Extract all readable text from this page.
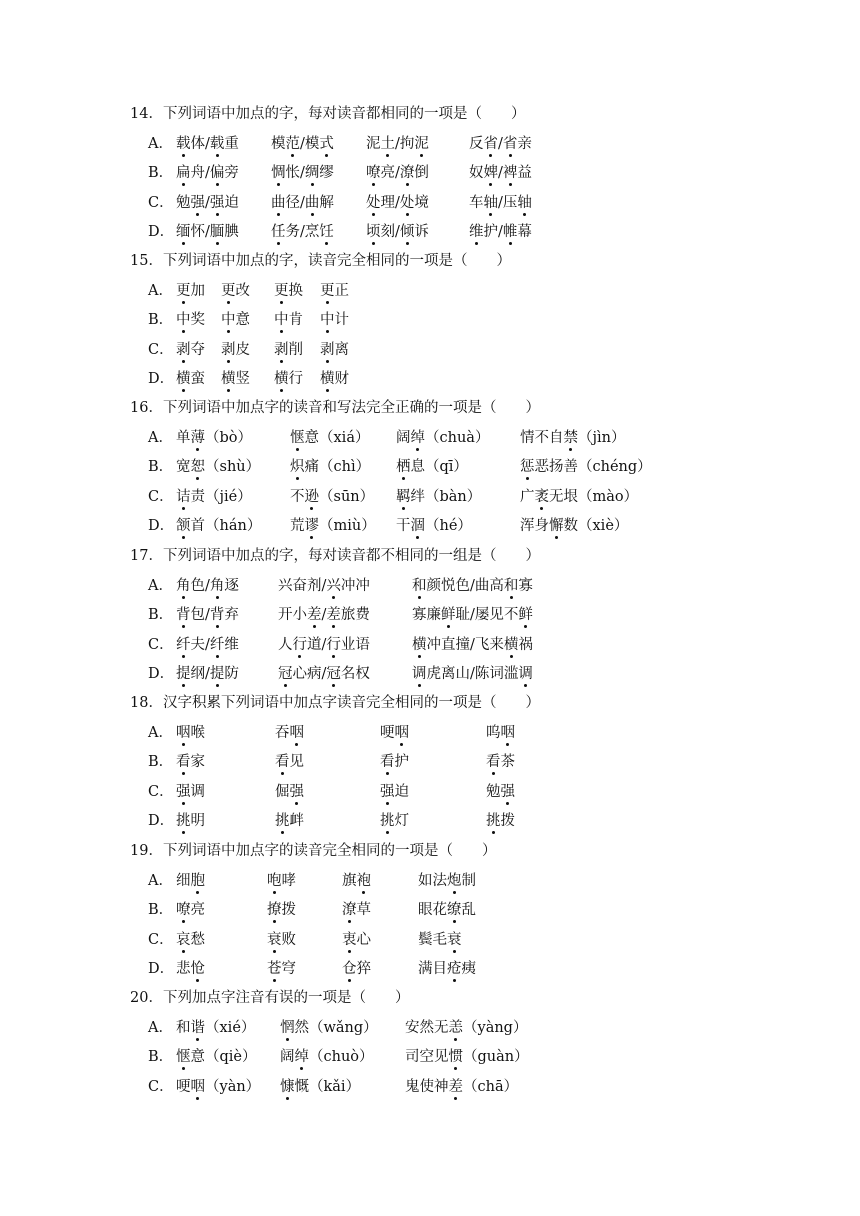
14．下列词语中加点的字，每对读音都相同的一项是（　　）
A． 载体/载重 模范/模式 泥土/拘泥	反省/省亲
B． 扁舟/偏旁 惆怅/绸缪 嘹亮/潦倒	奴婢/裨益
C． 勉强/强迫 曲径/曲解 处理/处境	车轴/压轴
D． 缅怀/腼腆 任务/烹饪 顷刻/倾诉	维护/帷幕
15．下列词语中加点的字，读音完全相同的一项是（　　）
A． 更加 更改 更换 更正
B． 中奖 中意 中肯 中计
C． 剥夺 剥皮 剥削 剥离
D． 横蛮 横竖 横行 横财
16．下列词语中加点字的读音和写法完全正确的一项是（　　）
A． 单薄（bò）	惬意（xiá） 阔绰（chuà） 情不自禁（jìn）
B． 宽恕（shù） 炽痛（chì） 栖息（qī）	惩恶扬善（chéng）
C． 诘责（jié）	不逊（sūn） 羁绊（bàn）	广袤无垠（mào）
D． 颔首（hán） 荒谬（miù） 干涸（hé）	浑身懈数（xiè）
17．下列词语中加点的字，每对读音都不相同的一组是（　　）
A． 角色/角逐	兴奋剂/兴冲冲	和颜悦色/曲高和寡
B． 背包/背弃	开小差/差旅费	寡廉鲜耻/屡见不鲜
C． 纤夫/纤维	人行道/行业语	横冲直撞/飞来横祸
D． 提纲/提防	冠心病/冠名权	调虎离山/陈词滥调
18．汉字积累下列词语中加点字读音完全相同的一项是（　　）
A． 咽喉	吞咽	哽咽	呜咽
B． 看家	看见	看护	看茶
C． 强调	倔强	强迫	勉强
D． 挑明	挑衅	挑灯	挑拨
19．下列词语中加点字的读音完全相同的一项是（　　）
A． 细胞	咆哮	旗袍	如法炮制
B． 嘹亮	撩拨	潦草	眼花缭乱
C． 哀愁	衰败	衷心	鬓毛衰
D． 悲怆	苍穹	仓猝	满目疮痍
20．下列加点字注音有误的一项是（　　）
A． 和谐（xié） 惘然（wǎng） 安然无恙（yàng）
B． 惬意（qiè） 阔绰（chuò） 司空见惯（guàn）
C． 哽咽（yàn） 慷慨（kǎi）	鬼使神差（chā）
